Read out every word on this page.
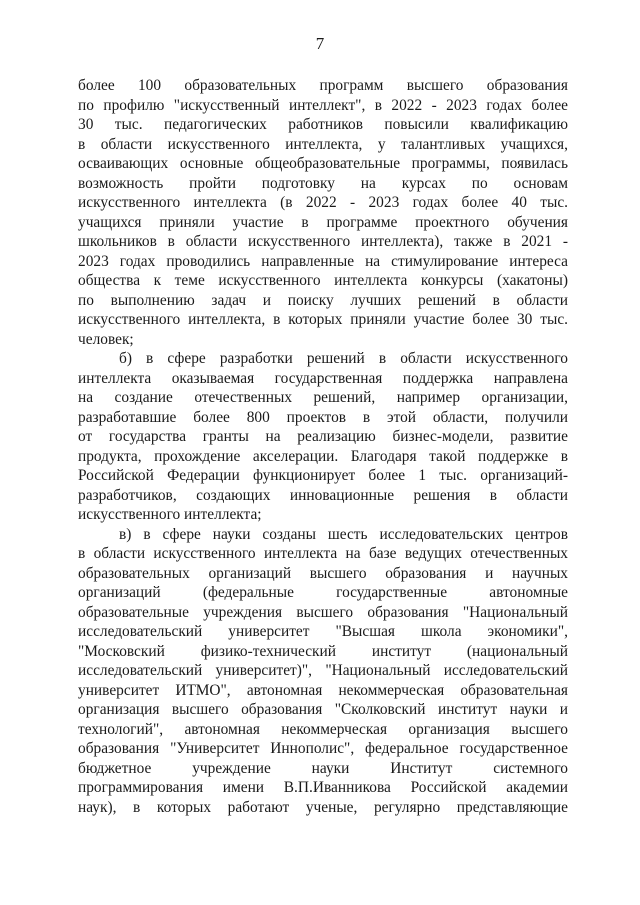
7
более 100 образовательных программ высшего образования
по профилю "искусственный интеллект", в 2022 - 2023 годах более
30 тыс. педагогических работников повысили квалификацию
в области искусственного интеллекта, у талантливых учащихся,
осваивающих основные общеобразовательные программы, появилась
возможность пройти подготовку на курсах по основам
искусственного интеллекта (в 2022 - 2023 годах более 40 тыс.
учащихся приняли участие в программе проектного обучения
школьников в области искусственного интеллекта), также в 2021 -
2023 годах проводились направленные на стимулирование интереса
общества к теме искусственного интеллекта конкурсы (хакатоны)
по выполнению задач и поиску лучших решений в области
искусственного интеллекта, в которых приняли участие более 30 тыс.
человек;
б) в сфере разработки решений в области искусственного
интеллекта оказываемая государственная поддержка направлена
на создание отечественных решений, например организации,
разработавшие более 800 проектов в этой области, получили
от государства гранты на реализацию бизнес-модели, развитие
продукта, прохождение акселерации. Благодаря такой поддержке в
Российской Федерации функционирует более 1 тыс. организаций-
разработчиков, создающих инновационные решения в области
искусственного интеллекта;
в) в сфере науки созданы шесть исследовательских центров
в области искусственного интеллекта на базе ведущих отечественных
образовательных организаций высшего образования и научных
организаций (федеральные государственные автономные
образовательные учреждения высшего образования "Национальный
исследовательский университет "Высшая школа экономики",
"Московский физико-технический институт (национальный
исследовательский университет)", "Национальный исследовательский
университет ИТМО", автономная некоммерческая образовательная
организация высшего образования "Сколковский институт науки и
технологий", автономная некоммерческая организация высшего
образования "Университет Иннополис", федеральное государственное
бюджетное учреждение науки Институт системного
программирования имени В.П.Иванникова Российской академии
наук), в которых работают ученые, регулярно представляющие
